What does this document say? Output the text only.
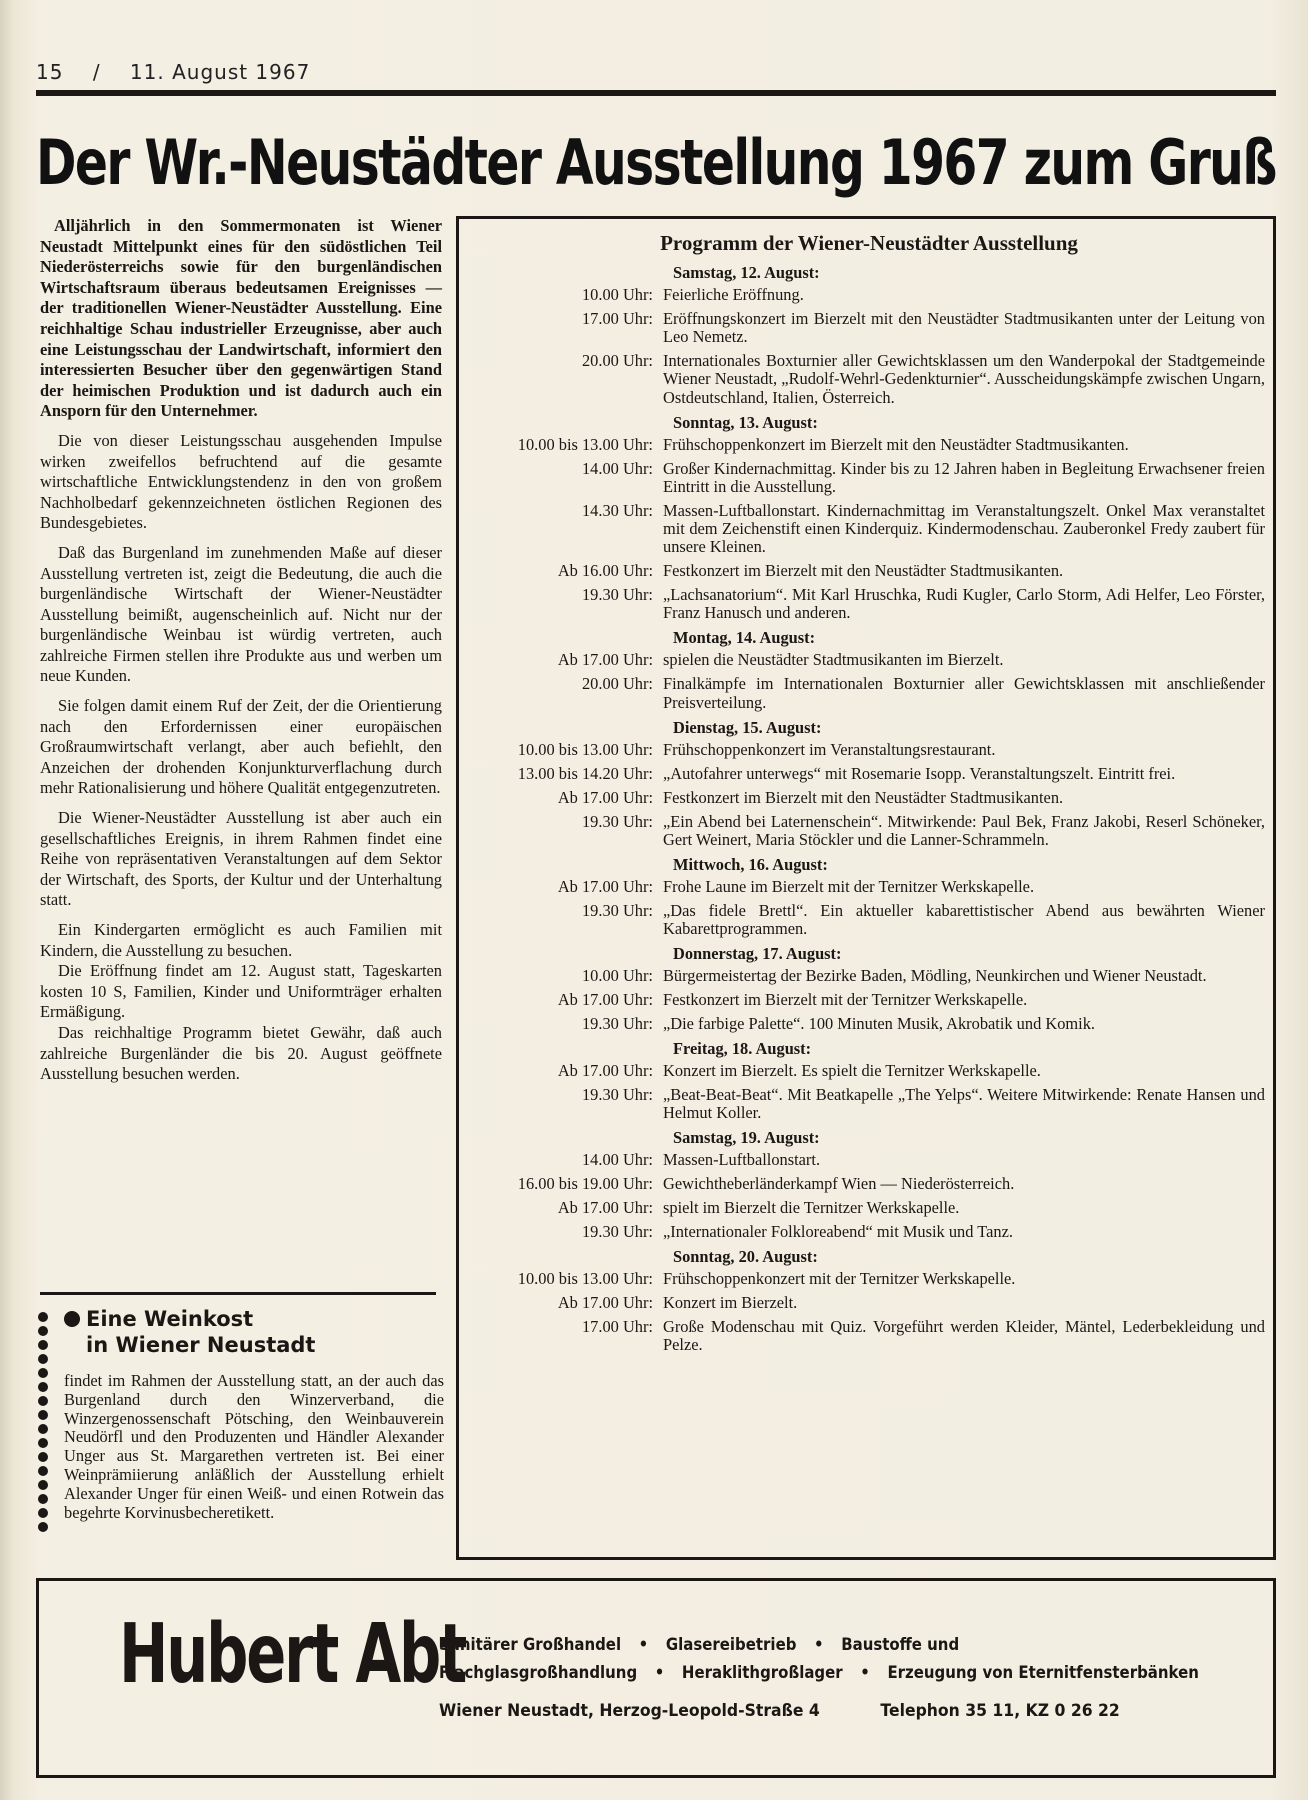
15 / 11. August 1967
Der Wr.-Neustädter Ausstellung 1967 zum Gruß

Alljährlich in den Sommermonaten ist Wiener Neustadt Mittelpunkt eines für den südöstlichen Teil Niederösterreichs sowie für den burgenländischen Wirtschaftsraum überaus bedeutsamen Ereignisses — der traditionellen Wiener-Neustädter Ausstellung. Eine reichhaltige Schau industrieller Erzeugnisse, aber auch eine Leistungsschau der Landwirtschaft, informiert den interessierten Besucher über den gegenwärtigen Stand der heimischen Produktion und ist dadurch auch ein Ansporn für den Unternehmer.

Die von dieser Leistungsschau ausgehenden Impulse wirken zweifellos befruchtend auf die gesamte wirtschaftliche Entwicklungstendenz in den von großem Nachholbedarf gekennzeichneten östlichen Regionen des Bundesgebietes.

Daß das Burgenland im zunehmenden Maße auf dieser Ausstellung vertreten ist, zeigt die Bedeutung, die auch die burgenländische Wirtschaft der Wiener-Neustädter Ausstellung beimißt, augenscheinlich auf. Nicht nur der burgenländische Weinbau ist würdig vertreten, auch zahlreiche Firmen stellen ihre Produkte aus und werben um neue Kunden.

Sie folgen damit einem Ruf der Zeit, der die Orientierung nach den Erfordernissen einer europäischen Großraumwirtschaft verlangt, aber auch befiehlt, den Anzeichen der drohenden Konjunkturverflachung durch mehr Rationalisierung und höhere Qualität entgegenzutreten.

Die Wiener-Neustädter Ausstellung ist aber auch ein gesellschaftliches Ereignis, in ihrem Rahmen findet eine Reihe von repräsentativen Veranstaltungen auf dem Sektor der Wirtschaft, des Sports, der Kultur und der Unterhaltung statt.

Ein Kindergarten ermöglicht es auch Familien mit Kindern, die Ausstellung zu besuchen.

Die Eröffnung findet am 12. August statt, Tageskarten kosten 10 S, Familien, Kinder und Uniformträger erhalten Ermäßigung.

Das reichhaltige Programm bietet Gewähr, daß auch zahlreiche Burgenländer die bis 20. August geöffnete Ausstellung besuchen werden.

Eine Weinkost
in Wiener Neustadt
findet im Rahmen der Ausstellung statt, an der auch das Burgenland durch den Winzerverband, die Winzergenossenschaft Pötsching, den Weinbauverein Neudörfl und den Produzenten und Händler Alexander Unger aus St. Margarethen vertreten ist. Bei einer Weinprämiierung anläßlich der Ausstellung erhielt Alexander Unger für einen Weiß- und einen Rotwein das begehrte Korvinusbecheretikett.
Programm der Wiener-Neustädter Ausstellung
Samstag, 12. August:
10.00 Uhr: Feierliche Eröffnung.
17.00 Uhr: Eröffnungskonzert im Bierzelt mit den Neustädter Stadtmusikanten unter der Leitung von Leo Nemetz.
20.00 Uhr: Internationales Boxturnier aller Gewichtsklassen um den Wanderpokal der Stadtgemeinde Wiener Neustadt, „Rudolf-Wehrl-Gedenkturnier“. Ausscheidungskämpfe zwischen Ungarn, Ostdeutschland, Italien, Österreich.
Sonntag, 13. August:
10.00 bis 13.00 Uhr: Frühschoppenkonzert im Bierzelt mit den Neustädter Stadtmusikanten.
14.00 Uhr: Großer Kindernachmittag. Kinder bis zu 12 Jahren haben in Begleitung Erwachsener freien Eintritt in die Ausstellung.
14.30 Uhr: Massen-Luftballonstart. Kindernachmittag im Veranstaltungszelt. Onkel Max veranstaltet mit dem Zeichenstift einen Kinderquiz. Kindermodenschau. Zauberonkel Fredy zaubert für unsere Kleinen.
Ab 16.00 Uhr: Festkonzert im Bierzelt mit den Neustädter Stadtmusikanten.
19.30 Uhr: „Lachsanatorium“. Mit Karl Hruschka, Rudi Kugler, Carlo Storm, Adi Helfer, Leo Förster, Franz Hanusch und anderen.
Montag, 14. August:
Ab 17.00 Uhr: spielen die Neustädter Stadtmusikanten im Bierzelt.
20.00 Uhr: Finalkämpfe im Internationalen Boxturnier aller Gewichtsklassen mit anschließender Preisverteilung.
Dienstag, 15. August:
10.00 bis 13.00 Uhr: Frühschoppenkonzert im Veranstaltungsrestaurant.
13.00 bis 14.20 Uhr: „Autofahrer unterwegs“ mit Rosemarie Isopp. Veranstaltungszelt. Eintritt frei.
Ab 17.00 Uhr: Festkonzert im Bierzelt mit den Neustädter Stadtmusikanten.
19.30 Uhr: „Ein Abend bei Laternenschein“. Mitwirkende: Paul Bek, Franz Jakobi, Reserl Schöneker, Gert Weinert, Maria Stöckler und die Lanner-Schrammeln.
Mittwoch, 16. August:
Ab 17.00 Uhr: Frohe Laune im Bierzelt mit der Ternitzer Werkskapelle.
19.30 Uhr: „Das fidele Brettl“. Ein aktueller kabarettistischer Abend aus bewährten Wiener Kabarettprogrammen.
Donnerstag, 17. August:
10.00 Uhr: Bürgermeistertag der Bezirke Baden, Mödling, Neunkirchen und Wiener Neustadt.
Ab 17.00 Uhr: Festkonzert im Bierzelt mit der Ternitzer Werkskapelle.
19.30 Uhr: „Die farbige Palette“. 100 Minuten Musik, Akrobatik und Komik.
Freitag, 18. August:
Ab 17.00 Uhr: Konzert im Bierzelt. Es spielt die Ternitzer Werkskapelle.
19.30 Uhr: „Beat-Beat-Beat“. Mit Beatkapelle „The Yelps“. Weitere Mitwirkende: Renate Hansen und Helmut Koller.
Samstag, 19. August:
14.00 Uhr: Massen-Luftballonstart.
16.00 bis 19.00 Uhr: Gewichtheberländerkampf Wien — Niederösterreich.
Ab 17.00 Uhr: spielt im Bierzelt die Ternitzer Werkskapelle.
19.30 Uhr: „Internationaler Folkloreabend“ mit Musik und Tanz.
Sonntag, 20. August:
10.00 bis 13.00 Uhr: Frühschoppenkonzert mit der Ternitzer Werkskapelle.
Ab 17.00 Uhr: Konzert im Bierzelt.
17.00 Uhr: Große Modenschau mit Quiz. Vorgeführt werden Kleider, Mäntel, Lederbekleidung und Pelze.
Hubert Abt
Sanitärer Großhandel • Glasereibetrieb • Baustoffe und
Flachglasgroßhandlung • Heraklithgroßlager • Erzeugung von Eternitfensterbänken
Wiener Neustadt, Herzog-Leopold-Straße 4	Telephon 35 11, KZ 0 26 22
